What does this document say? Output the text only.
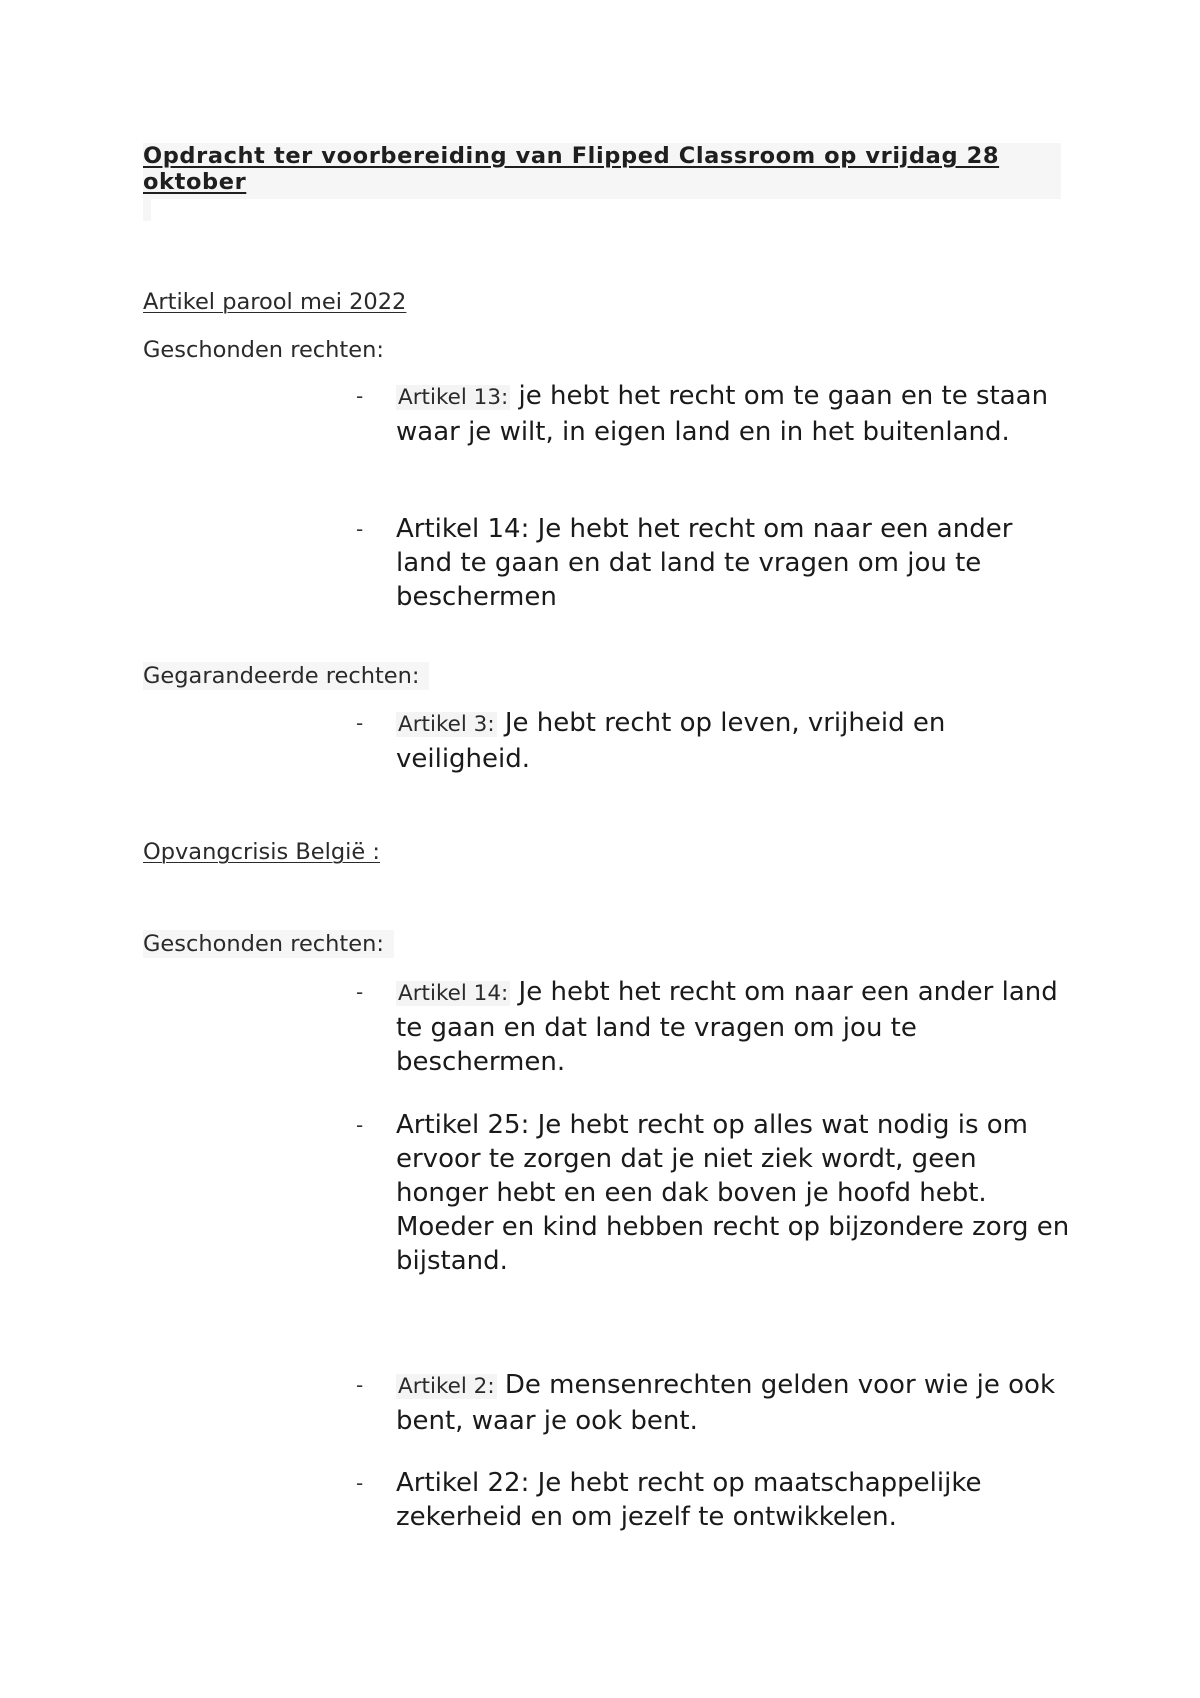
Opdracht ter voorbereiding van Flipped Classroom op vrijdag 28 oktober
Artikel parool mei 2022
Geschonden rechten:
- Artikel 13: je hebt het recht om te gaan en te staan waar je wilt, in eigen land en in het buitenland.
- Artikel 14: Je hebt het recht om naar een ander land te gaan en dat land te vragen om jou te beschermen
Gegarandeerde rechten:
- Artikel 3: Je hebt recht op leven, vrijheid en veiligheid.
Opvangcrisis België :
Geschonden rechten:
- Artikel 14: Je hebt het recht om naar een ander land te gaan en dat land te vragen om jou te beschermen.
- Artikel 25: Je hebt recht op alles wat nodig is om ervoor te zorgen dat je niet ziek wordt, geen honger hebt en een dak boven je hoofd hebt. Moeder en kind hebben recht op bijzondere zorg en bijstand.
- Artikel 2: De mensenrechten gelden voor wie je ook bent, waar je ook bent.
- Artikel 22: Je hebt recht op maatschappelijke zekerheid en om jezelf te ontwikkelen.
